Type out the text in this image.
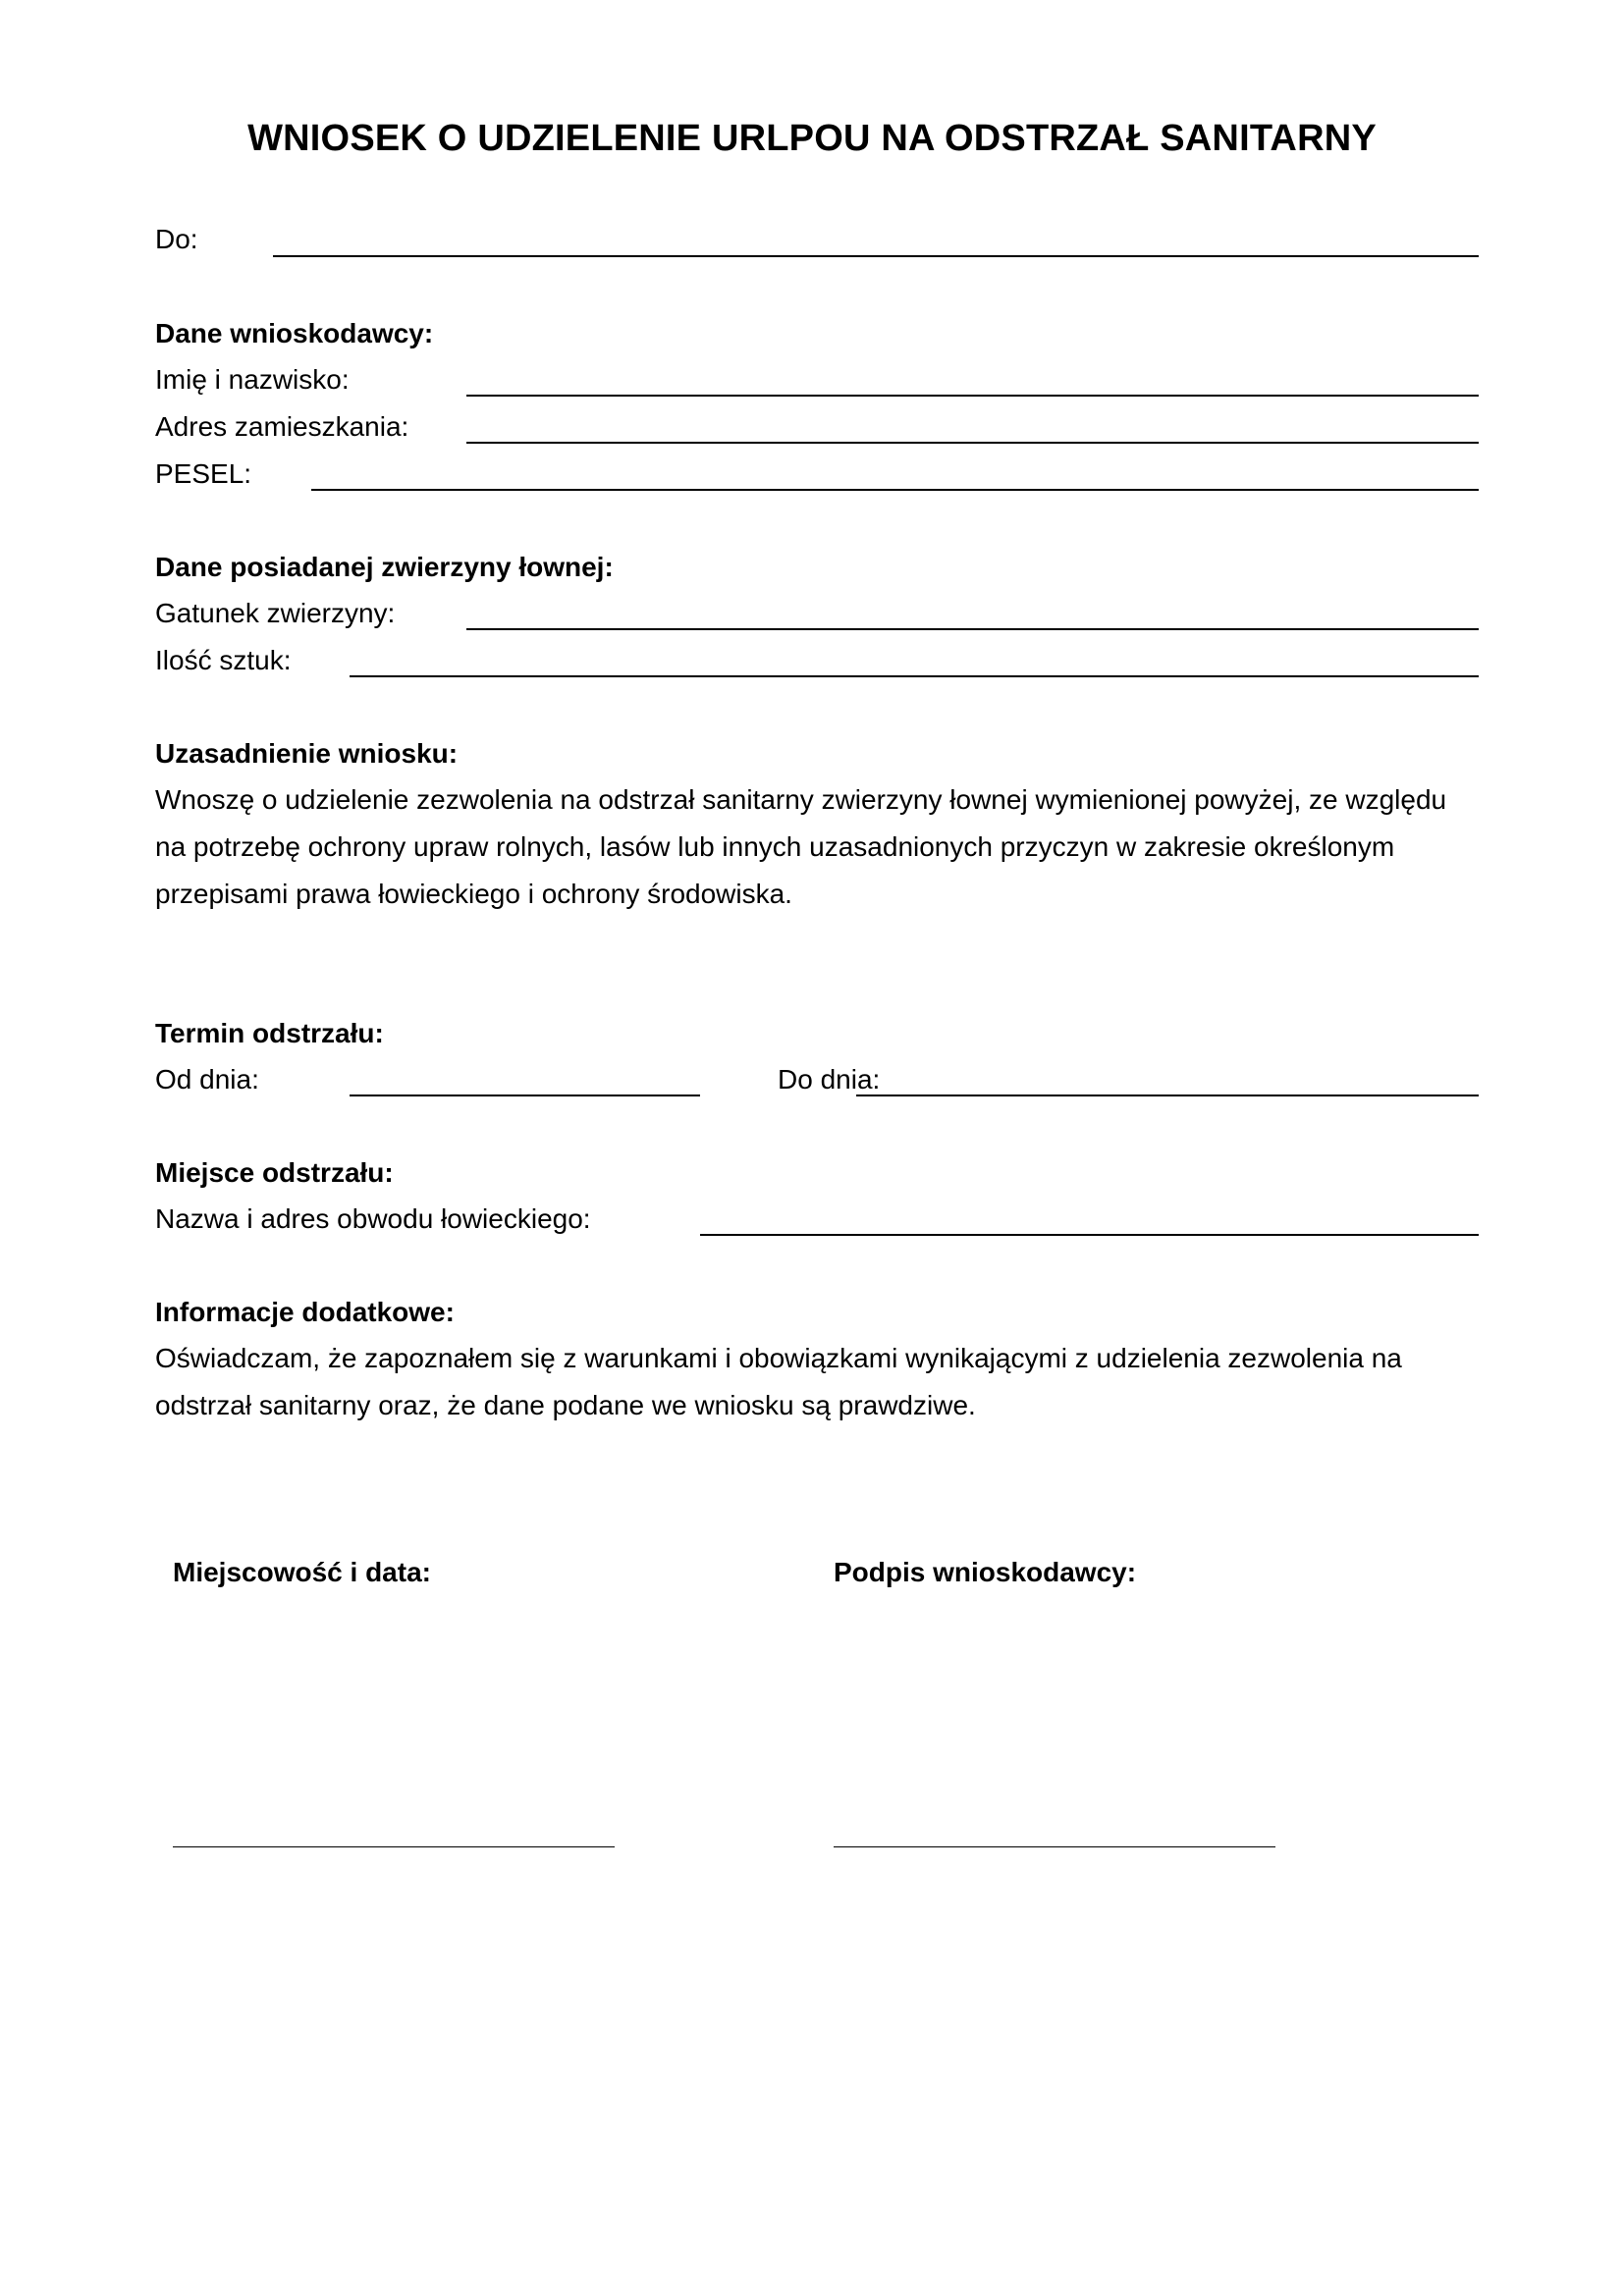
WNIOSEK O UDZIELENIE URLPOU NA ODSTRZAŁ SANITARNY
Do:
Dane wnioskodawcy:
Imię i nazwisko:
Adres zamieszkania:
PESEL:
Dane posiadanej zwierzyny łownej:
Gatunek zwierzyny:
Ilość sztuk:
Uzasadnienie wniosku:
Wnoszę o udzielenie zezwolenia na odstrzał sanitarny zwierzyny łownej wymienionej powyżej, ze względu
na potrzebę ochrony upraw rolnych, lasów lub innych uzasadnionych przyczyn w zakresie określonym
przepisami prawa łowieckiego i ochrony środowiska.
Termin odstrzału:
Od dnia:	Do dnia:
Miejsce odstrzału:
Nazwa i adres obwodu łowieckiego:
Informacje dodatkowe:
Oświadczam, że zapoznałem się z warunkami i obowiązkami wynikającymi z udzielenia zezwolenia na
odstrzał sanitarny oraz, że dane podane we wniosku są prawdziwe.
Miejscowość i data:	Podpis wnioskodawcy:
